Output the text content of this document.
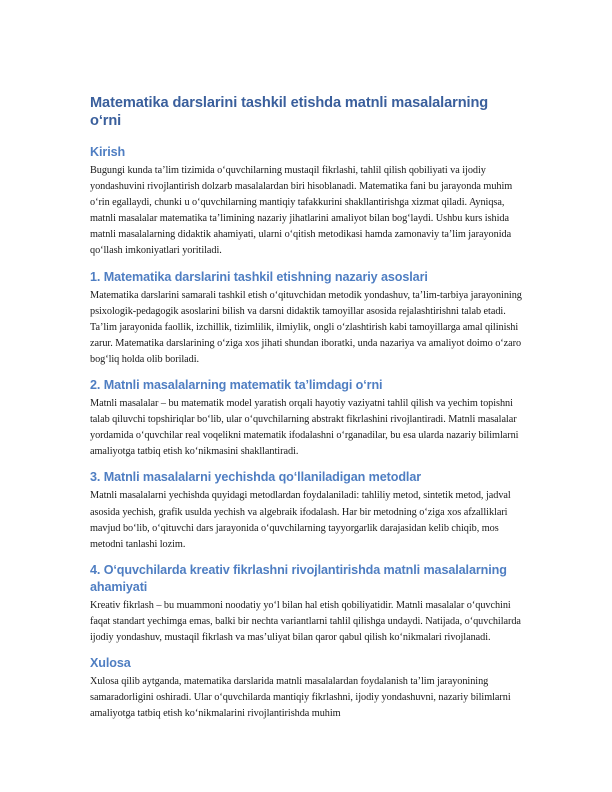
Matematika darslarini tashkil etishda matnli masalalarning o‘rni
Kirish

Bugungi kunda ta’lim tizimida o‘quvchilarning mustaqil fikrlashi, tahlil qilish qobiliyati va ijodiy yondashuvini rivojlantirish dolzarb masalalardan biri hisoblanadi. Matematika fani bu jarayonda muhim o‘rin egallaydi, chunki u o‘quvchilarning mantiqiy tafakkurini shakllantirishga xizmat qiladi. Ayniqsa, matnli masalalar matematika ta’limining nazariy jihatlarini amaliyot bilan bog‘laydi. Ushbu kurs ishida matnli masalalarning didaktik ahamiyati, ularni o‘qitish metodikasi hamda zamonaviy ta’lim jarayonida qo‘llash imkoniyatlari yoritiladi.

1. Matematika darslarini tashkil etishning nazariy asoslari

Matematika darslarini samarali tashkil etish o‘qituvchidan metodik yondashuv, ta’lim-tarbiya jarayonining psixologik-pedagogik asoslarini bilish va darsni didaktik tamoyillar asosida rejalashtirishni talab etadi. Ta’lim jarayonida faollik, izchillik, tizimlilik, ilmiylik, ongli o‘zlashtirish kabi tamoyillarga amal qilinishi zarur. Matematika darslarining o‘ziga xos jihati shundan iboratki, unda nazariya va amaliyot doimo o‘zaro bog‘liq holda olib boriladi.

2. Matnli masalalarning matematik ta’limdagi o‘rni

Matnli masalalar – bu matematik model yaratish orqali hayotiy vaziyatni tahlil qilish va yechim topishni talab qiluvchi topshiriqlar bo‘lib, ular o‘quvchilarning abstrakt fikrlashini rivojlantiradi. Matnli masalalar yordamida o‘quvchilar real voqelikni matematik ifodalashni o‘rganadilar, bu esa ularda nazariy bilimlarni amaliyotga tatbiq etish ko‘nikmasini shakllantiradi.

3. Matnli masalalarni yechishda qo‘llaniladigan metodlar

Matnli masalalarni yechishda quyidagi metodlardan foydalaniladi: tahliliy metod, sintetik metod, jadval asosida yechish, grafik usulda yechish va algebraik ifodalash. Har bir metodning o‘ziga xos afzalliklari mavjud bo‘lib, o‘qituvchi dars jarayonida o‘quvchilarning tayyorgarlik darajasidan kelib chiqib, mos metodni tanlashi lozim.

4. O‘quvchilarda kreativ fikrlashni rivojlantirishda matnli masalalarning ahamiyati

Kreativ fikrlash – bu muammoni noodatiy yo‘l bilan hal etish qobiliyatidir. Matnli masalalar o‘quvchini faqat standart yechimga emas, balki bir nechta variantlarni tahlil qilishga undaydi. Natijada, o‘quvchilarda ijodiy yondashuv, mustaqil fikrlash va mas’uliyat bilan qaror qabul qilish ko‘nikmalari rivojlanadi.

Xulosa

Xulosa qilib aytganda, matematika darslarida matnli masalalardan foydalanish ta’lim jarayonining samaradorligini oshiradi. Ular o‘quvchilarda mantiqiy fikrlashni, ijodiy yondashuvni, nazariy bilimlarni amaliyotga tatbiq etish ko‘nikmalarini rivojlantirishda muhim
